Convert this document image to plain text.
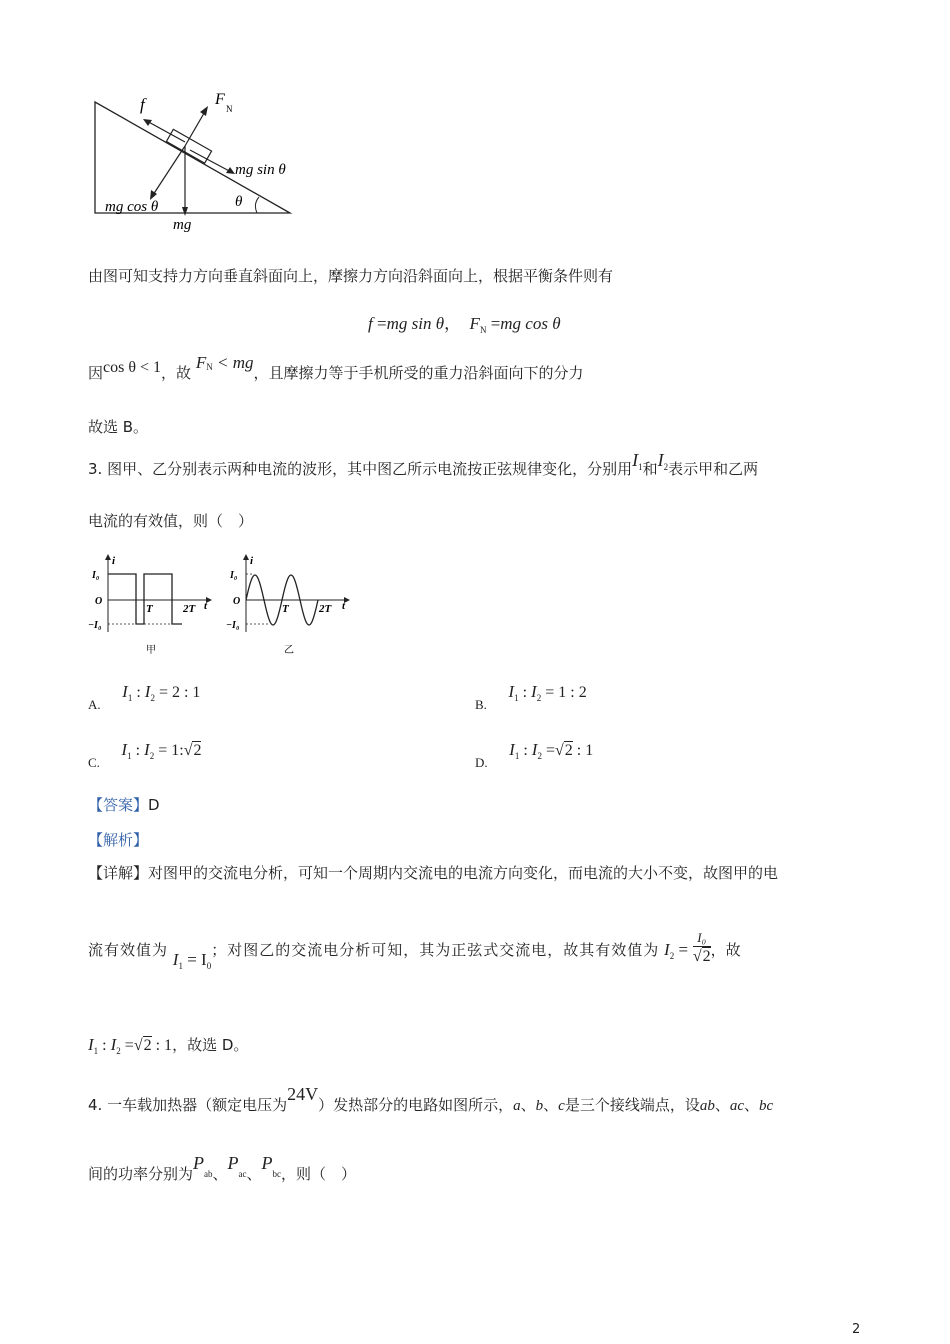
f	F
N
mg sin θ
mg cos θ	θ
mg
由图可知支持力方向垂直斜面向上，摩擦力方向沿斜面向上，根据平衡条件则有
f =mg sin θ， $F_N =mg$ cos θ
因cos θ < 1，故 $F^N$ < mg，且摩擦力等于手机所受的重力沿斜面向下的分力
故选 B。
3. 图甲、乙分别表示两种电流的波形，其中图乙所示电流按正弦规律变化，分别用$I^1$和$I^2$表示甲和乙两
电流的有效值，则（　）
i
I₀
O
−I₀
T	2T t
甲
i
I₀
O
−I₀
T	2T t
乙
A.  $I_1$ : $I_2 = 2$ : 1
B.  $I_1$ : $I_2 = 1$ : 2
C.  $I_1$ : $I_2$ = 1:√2
D.  $I_1$ : $I_2 =√2$ : 1
【答案】D
【解析】
【详解】对图甲的交流电分析，可知一个周期内交流电的电流方向变化，而电流的大小不变，故图甲的电
流有效值为 $I_1 = I_0$；对图乙的交流电分析可知，其为正弦式交流电，故其有效值为 $I_2 = \frac{\text{I₀}}{√2}$ ，故
$I_1$ : $I_2 =√2$ : 1，故选 D。
4. 一车载加热器（额定电压为24V）发热部分的电路如图所示，a、b、c是三个接线端点，设ab、ac、bc
间的功率分别为$P_{ab}$、$P_{ac}$、$P_{bc}$，则（　）
2
